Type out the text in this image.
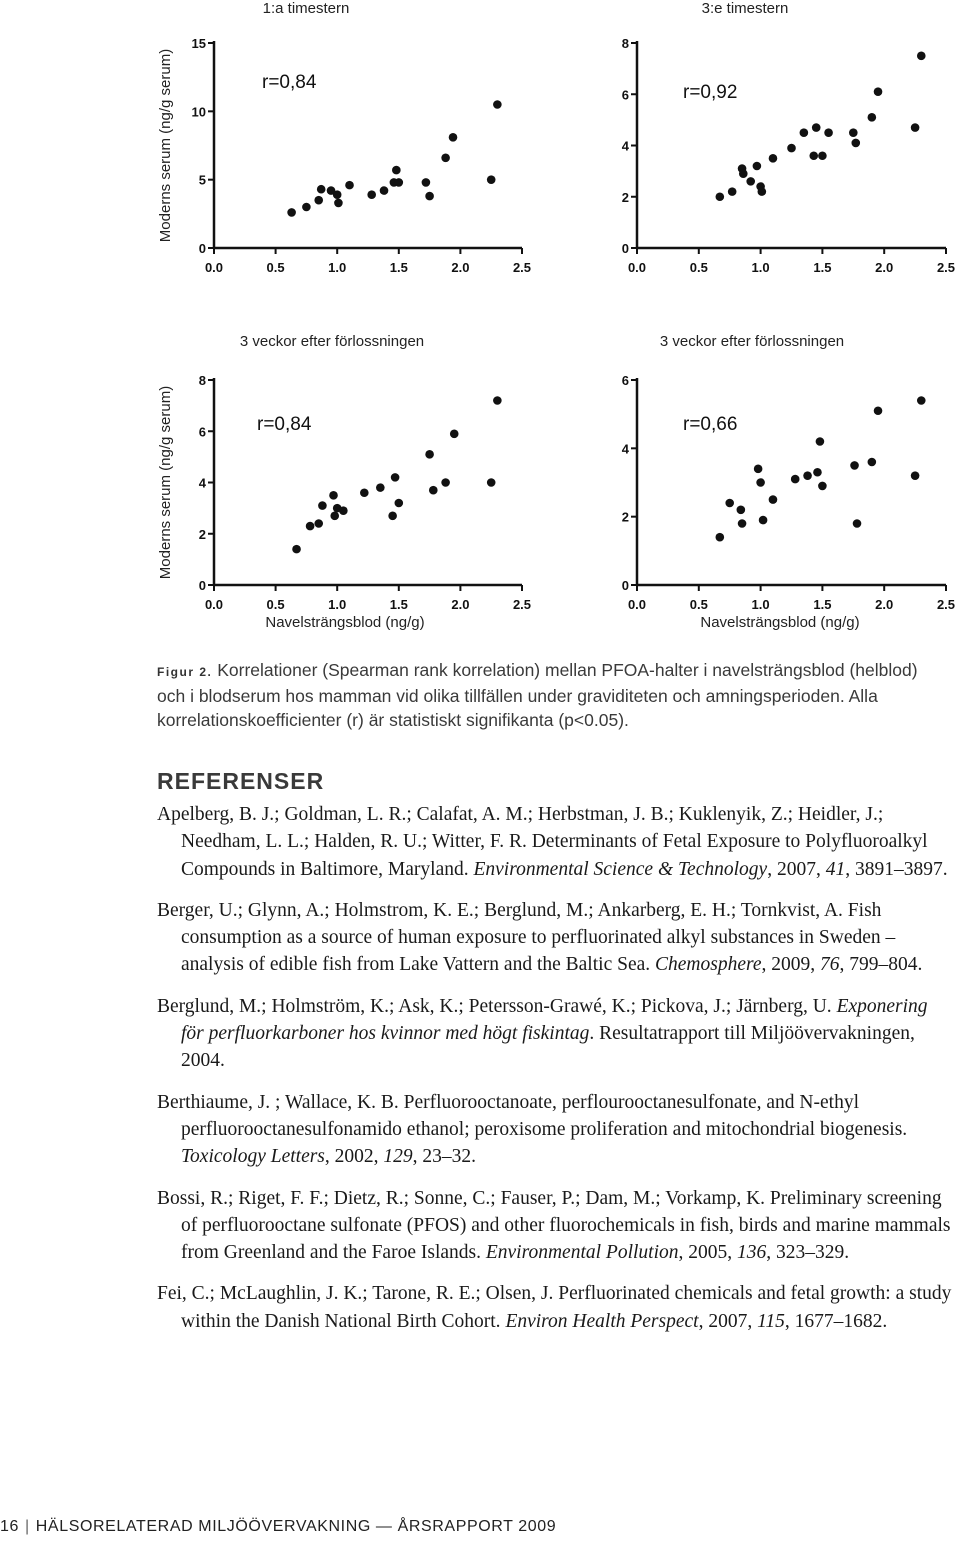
1:a timestern
0
5
10
15
0.0	0.5	1.0	1.5	2.0	2.5
Moderns serum (ng/g serum)	r=0,84
3:e timestern
0
2
4
6
8
0.0	0.5	1.0	1.5	2.0	2.5
r=0,92
3 veckor efter förlossningen
0
2
4
6
8
0.0	0.5	1.0	1.5	2.0	2.5
Moderns serum (ng/g serum)
Navelsträngsblod (ng/g)
r=0,84
3 veckor efter förlossningen
0
2
4
6
0.0	0.5	1.0	1.5	2.0	2.5
Navelsträngsblod (ng/g)
r=0,66
Figur 2. Korrelationer (Spearman rank korrelation) mellan PFOA-halter i navelsträngsblod (helblod) och i blodserum hos mamman vid olika tillfällen under graviditeten och amningsperioden. Alla korrelationskoefficienter (r) är statistiskt signifikanta (p<0.05).
REFERENSER

Apelberg, B. J.; Goldman, L. R.; Calafat, A. M.; Herbstman, J. B.; Kuklenyik, Z.; Heidler, J.; Needham, L. L.; Halden, R. U.; Witter, F. R. Determinants of Fetal Exposure to Polyfluoroalkyl Compounds in Baltimore, Maryland. Environmental Science & Technology, 2007, 41, 3891–3897.

Berger, U.; Glynn, A.; Holmstrom, K. E.; Berglund, M.; Ankarberg, E. H.; Tornkvist, A. Fish consumption as a source of human exposure to perfluorinated alkyl substances in Sweden – analysis of edible fish from Lake Vattern and the Baltic Sea. Chemosphere, 2009, 76, 799–804.

Berglund, M.; Holmström, K.; Ask, K.; Petersson-Grawé, K.; Pickova, J.; Järnberg, U. Exponering för perfluorkarboner hos kvinnor med högt fiskintag. Resultatrapport till Miljöövervakningen, 2004.

Berthiaume, J. ; Wallace, K. B. Perfluorooctanoate, perflourooctanesulfonate, and N-ethyl perfluorooctanesulfonamido ethanol; peroxisome proliferation and mitochondrial biogenesis. Toxicology Letters, 2002, 129, 23–32.

Bossi, R.; Riget, F. F.; Dietz, R.; Sonne, C.; Fauser, P.; Dam, M.; Vorkamp, K. Preliminary screening of perfluorooctane sulfonate (PFOS) and other fluorochemicals in fish, birds and marine mammals from Greenland and the Faroe Islands. Environmental Pollution, 2005, 136, 323–329.

Fei, C.; McLaughlin, J. K.; Tarone, R. E.; Olsen, J. Perfluorinated chemicals and fetal growth: a study within the Danish National Birth Cohort. Environ Health Perspect, 2007, 115, 1677–1682.

16 | HÄLSORELATERAD MILJÖÖVERVAKNING — ÅRSRAPPORT 2009
